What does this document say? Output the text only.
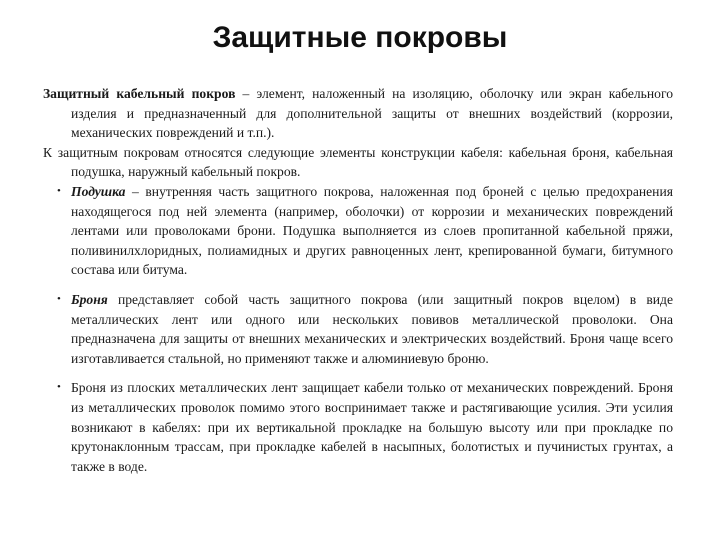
Защитные покровы

Защитный кабельный покров – элемент, наложенный на изоляцию, оболочку или экран кабельного изделия и предназначенный для дополнительной защиты от внешних воздействий (коррозии, механических повреждений и т.п.).

К защитным покровам относятся следующие элементы конструкции кабеля: кабельная броня, кабельная подушка, наружный кабельный покров.

• Подушка – внутренняя часть защитного покрова, наложенная под броней с целью предохранения находящегося под ней элемента (например, оболочки) от коррозии и механических повреждений лентами или проволоками брони. Подушка выполняется из слоев пропитанной кабельной пряжи, поливинилхлоридных, полиамидных и других равноценных лент, крепированной бумаги, битумного состава или битума.
• Броня представляет собой часть защитного покрова (или защитный покров вцелом) в виде металлических лент или одного или нескольких повивов металлической проволоки. Она предназначена для защиты от внешних механических и электрических воздействий. Броня чаще всего изготавливается стальной, но применяют также и алюминиевую броню.
• Броня из плоских металлических лент защищает кабели только от механических повреждений. Броня из металлических проволок помимо этого воспринимает также и растягивающие усилия. Эти усилия возникают в кабелях: при их вертикальной прокладке на большую высоту или при прокладке по крутонаклонным трассам, при прокладке кабелей в насыпных, болотистых и пучинистых грунтах, а также в воде.
